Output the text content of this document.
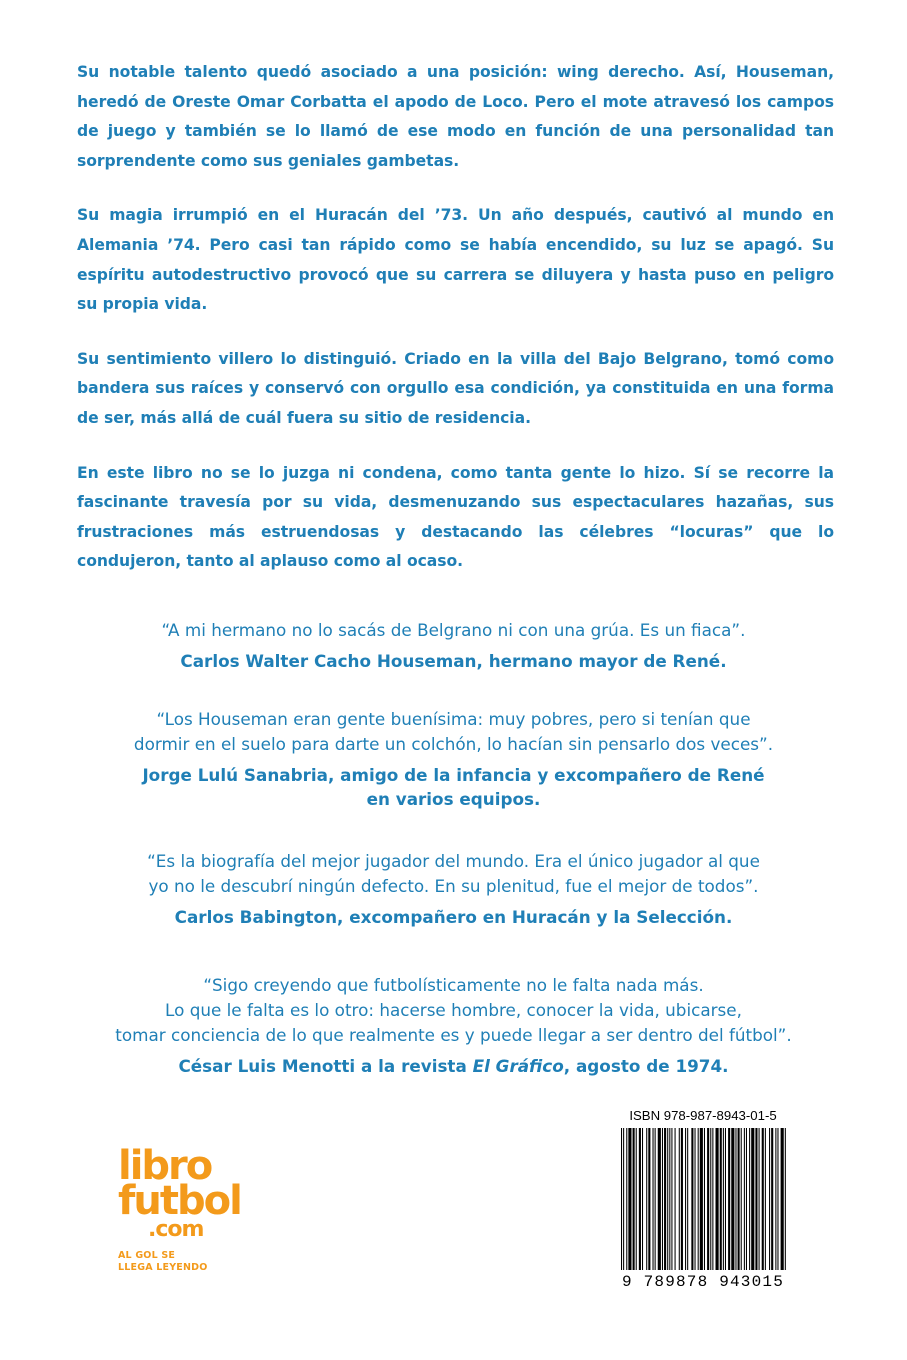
Su notable talento quedó asociado a una posición: wing derecho. Así, Houseman, heredó de Oreste Omar Corbatta el apodo de Loco. Pero el mote atravesó los campos de juego y también se lo llamó de ese modo en función de una personalidad tan sorprendente como sus geniales gambetas.

Su magia irrumpió en el Huracán del ’73. Un año después, cautivó al mundo en Alemania ’74. Pero casi tan rápido como se había encendido, su luz se apagó. Su espíritu autodestructivo provocó que su carrera se diluyera y hasta puso en peligro su propia vida.

Su sentimiento villero lo distinguió. Criado en la villa del Bajo Belgrano, tomó como bandera sus raíces y conservó con orgullo esa condición, ya constituida en una forma de ser, más allá de cuál fuera su sitio de residencia.

En este libro no se lo juzga ni condena, como tanta gente lo hizo. Sí se recorre la fascinante travesía por su vida, desmenuzando sus espectaculares hazañas, sus frustraciones más estruendosas y destacando las célebres “locuras” que lo condujeron, tanto al aplauso como al ocaso.

“A mi hermano no lo sacás de Belgrano ni con una grúa. Es un fiaca”.
Carlos Walter Cacho Houseman, hermano mayor de René.
“Los Houseman eran gente buenísima: muy pobres, pero si tenían que
dormir en el suelo para darte un colchón, lo hacían sin pensarlo dos veces”.
Jorge Lulú Sanabria, amigo de la infancia y excompañero de René
en varios equipos.
“Es la biografía del mejor jugador del mundo. Era el único jugador al que
yo no le descubrí ningún defecto. En su plenitud, fue el mejor de todos”.
Carlos Babington, excompañero en Huracán y la Selección.
“Sigo creyendo que futbolísticamente no le falta nada más.
Lo que le falta es lo otro: hacerse hombre, conocer la vida, ubicarse,
tomar conciencia de lo que realmente es y puede llegar a ser dentro del fútbol”.
César Luis Menotti a la revista El Gráfico, agosto de 1974.
libro
futbol
.com
AL GOL SE
LLEGA LEYENDO
ISBN 978-987-8943-01-5
9 789878 943015
